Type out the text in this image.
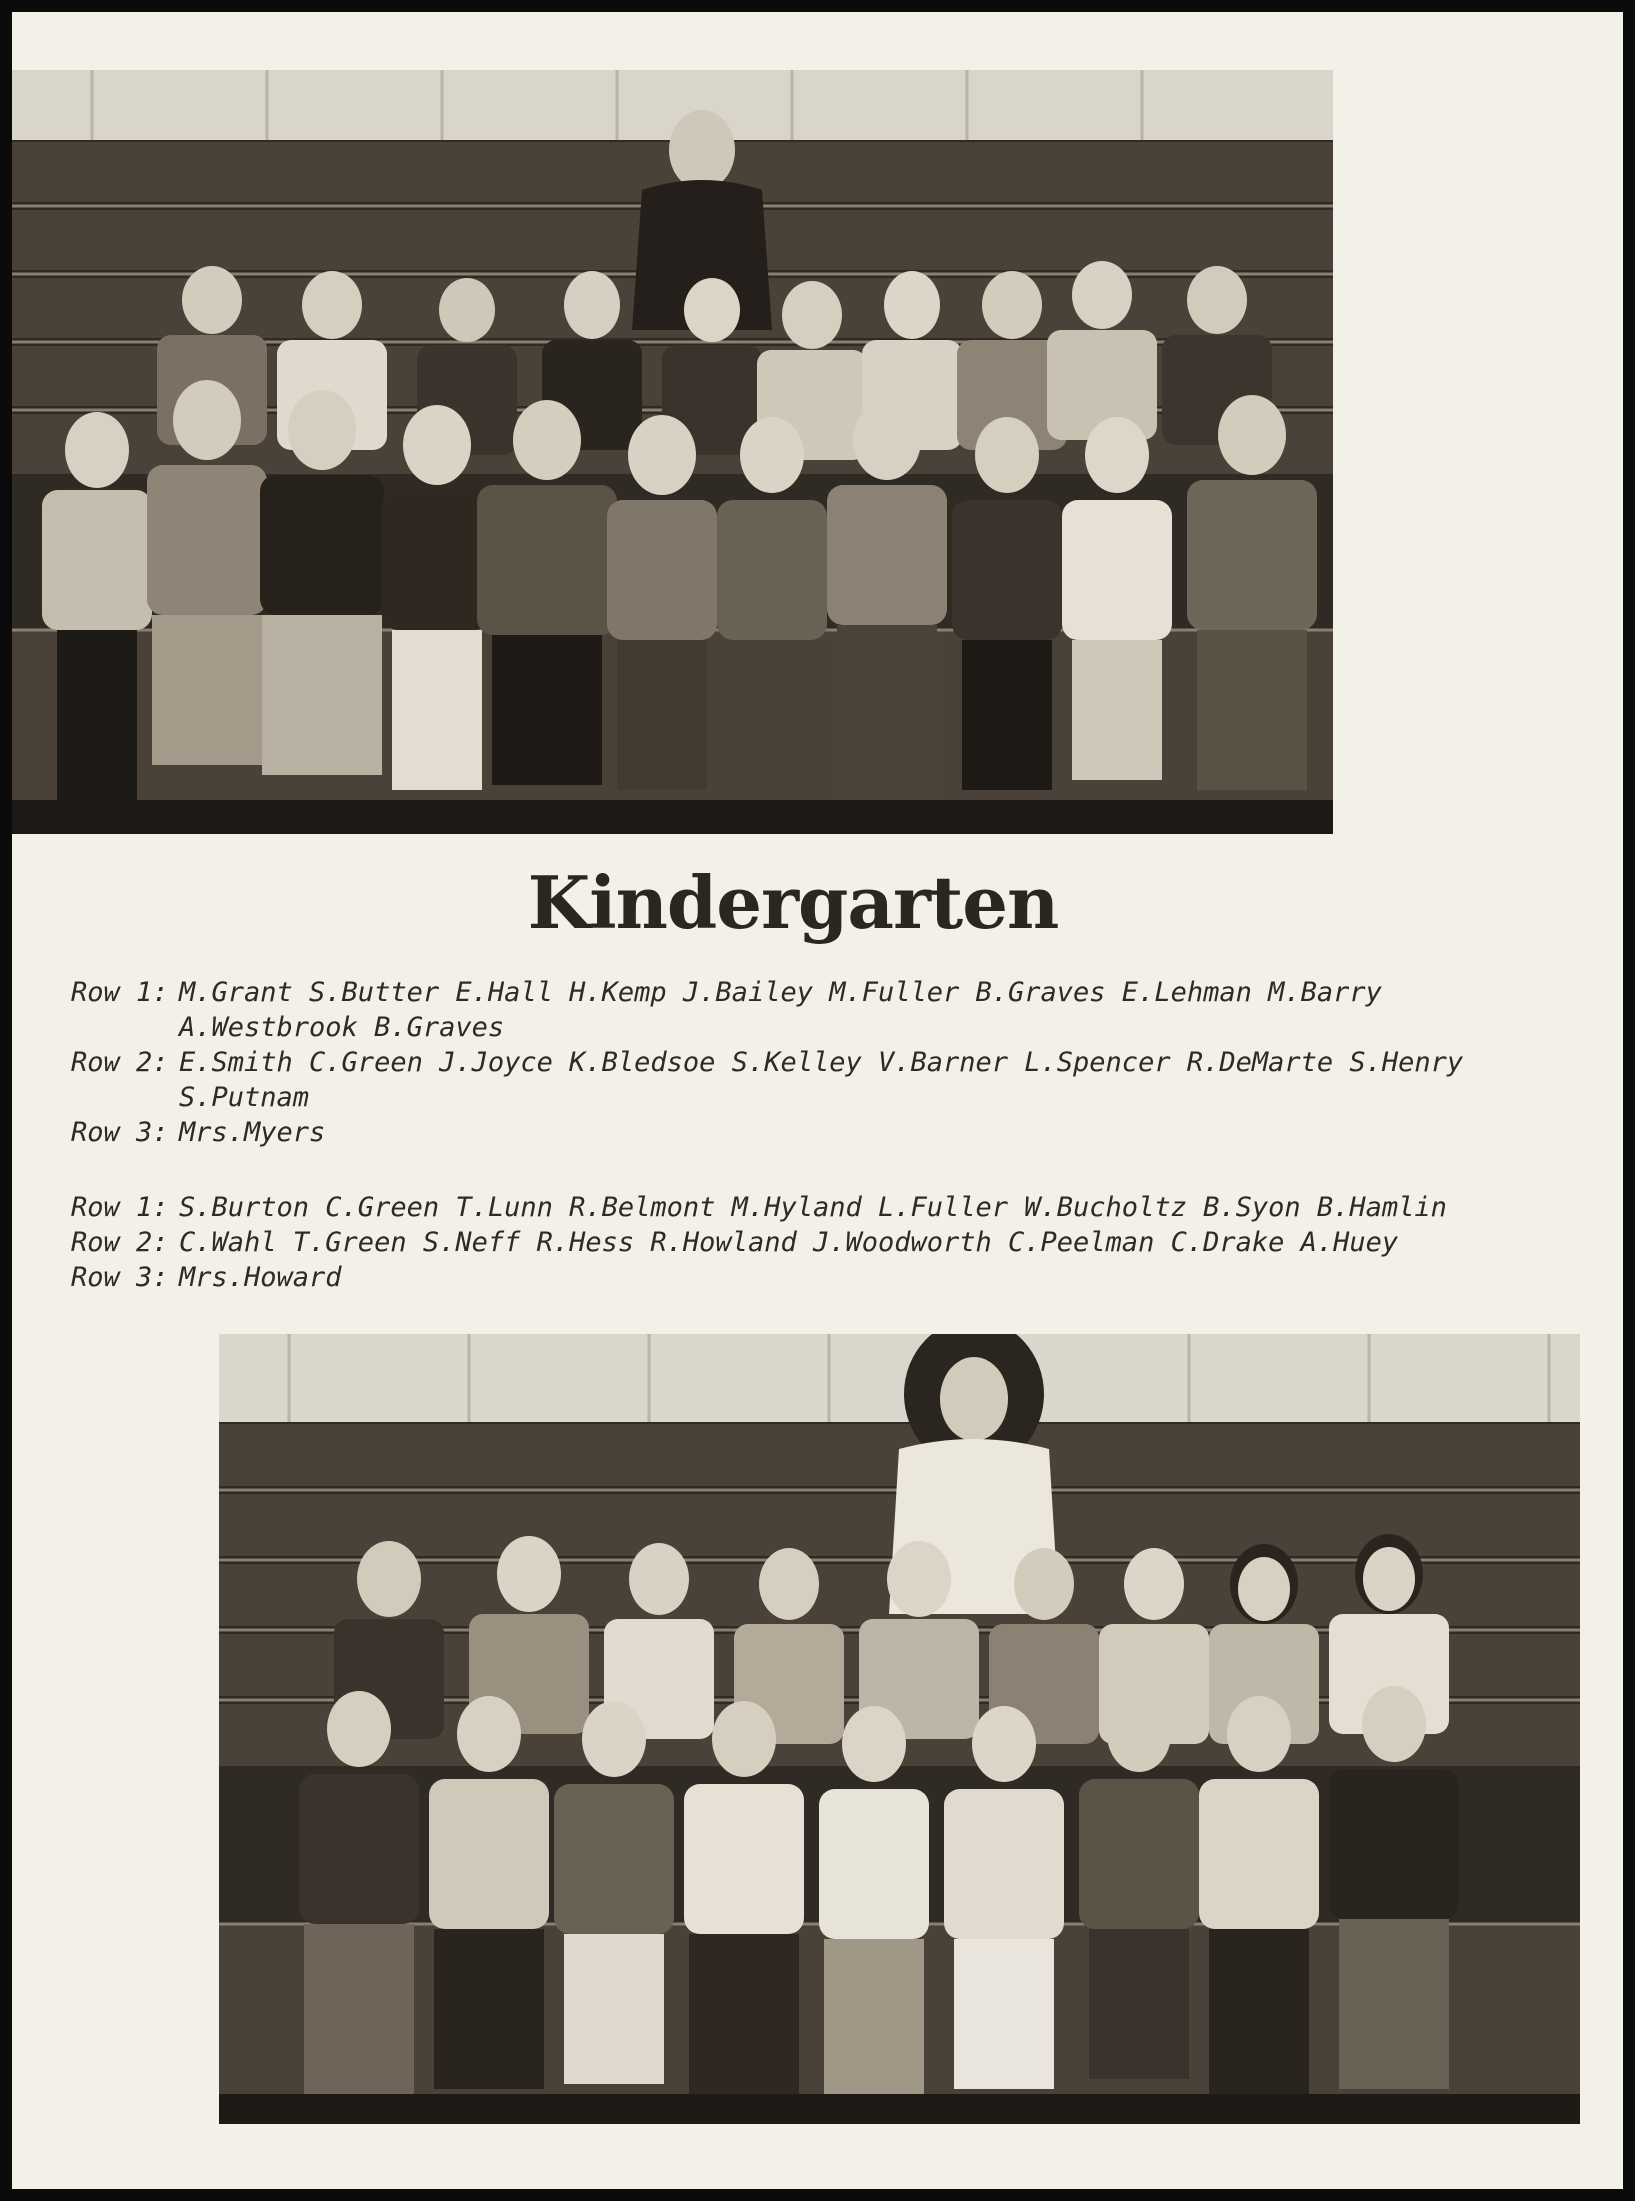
Kindergarten
Row 1: M.Grant S.Butter E.Hall H.Kemp J.Bailey M.Fuller B.Graves E.Lehman M.Barry A.Westbrook B.Graves
Row 2: E.Smith C.Green J.Joyce K.Bledsoe S.Kelley V.Barner L.Spencer R.DeMarte S.Henry S.Putnam
Row 3: Mrs.Myers
Row 1: S.Burton C.Green T.Lunn R.Belmont M.Hyland L.Fuller W.Bucholtz B.Syon B.Hamlin
Row 2: C.Wahl T.Green S.Neff R.Hess R.Howland J.Woodworth C.Peelman C.Drake A.Huey
Row 3: Mrs.Howard
